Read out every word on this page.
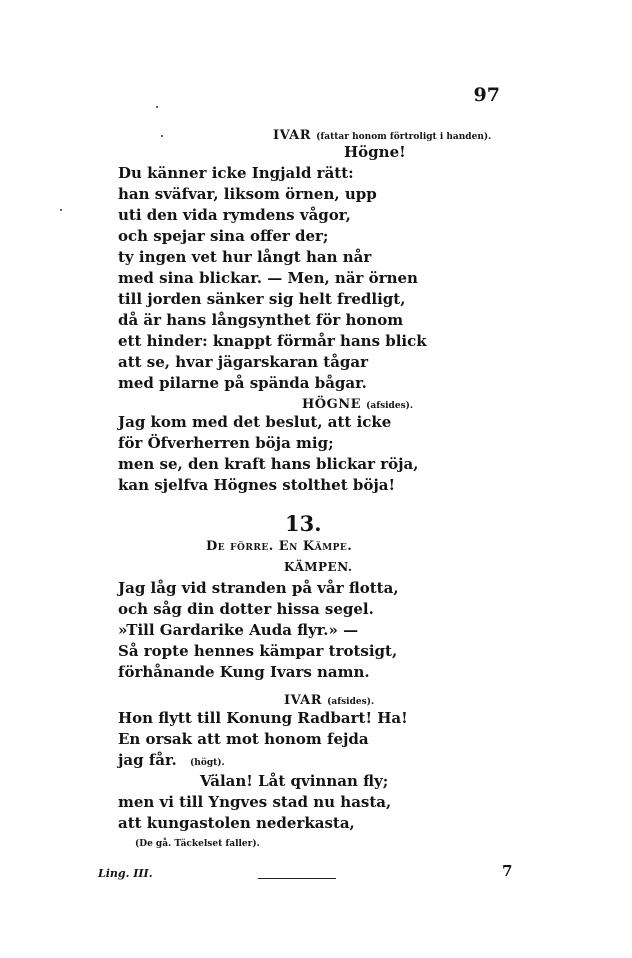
97
IVAR (fattar honom förtroligt i handen).
Högne!
Du känner icke Ingjald rätt:
han sväfvar, liksom örnen, upp
uti den vida rymdens vågor,
och spejar sina offer der;
ty ingen vet hur långt han når
med sina blickar. — Men, när örnen
till jorden sänker sig helt fredligt,
då är hans långsynthet för honom
ett hinder: knappt förmår hans blick
att se, hvar jägarskaran tågar
med pilarne på spända bågar.
HÖGNE (afsides).
Jag kom med det beslut, att icke
för Öfverherren böja mig;
men se, den kraft hans blickar röja,
kan sjelfva Högnes stolthet böja!
13.
De förre. En Kämpe.
KÄMPEN.
Jag låg vid stranden på vår flotta,
och såg din dotter hissa segel.
»Till Gardarike Auda flyr.» —
Så ropte hennes kämpar trotsigt,
förhånande Kung Ivars namn.
IVAR (afsides).
Hon flytt till Konung Radbart! Ha!
En orsak att mot honom fejda
jag får. (högt).
Välan! Låt qvinnan fly;
men vi till Yngves stad nu hasta,
att kungastolen nederkasta,
(De gå. Täckelset faller).
Ling. III.	7
